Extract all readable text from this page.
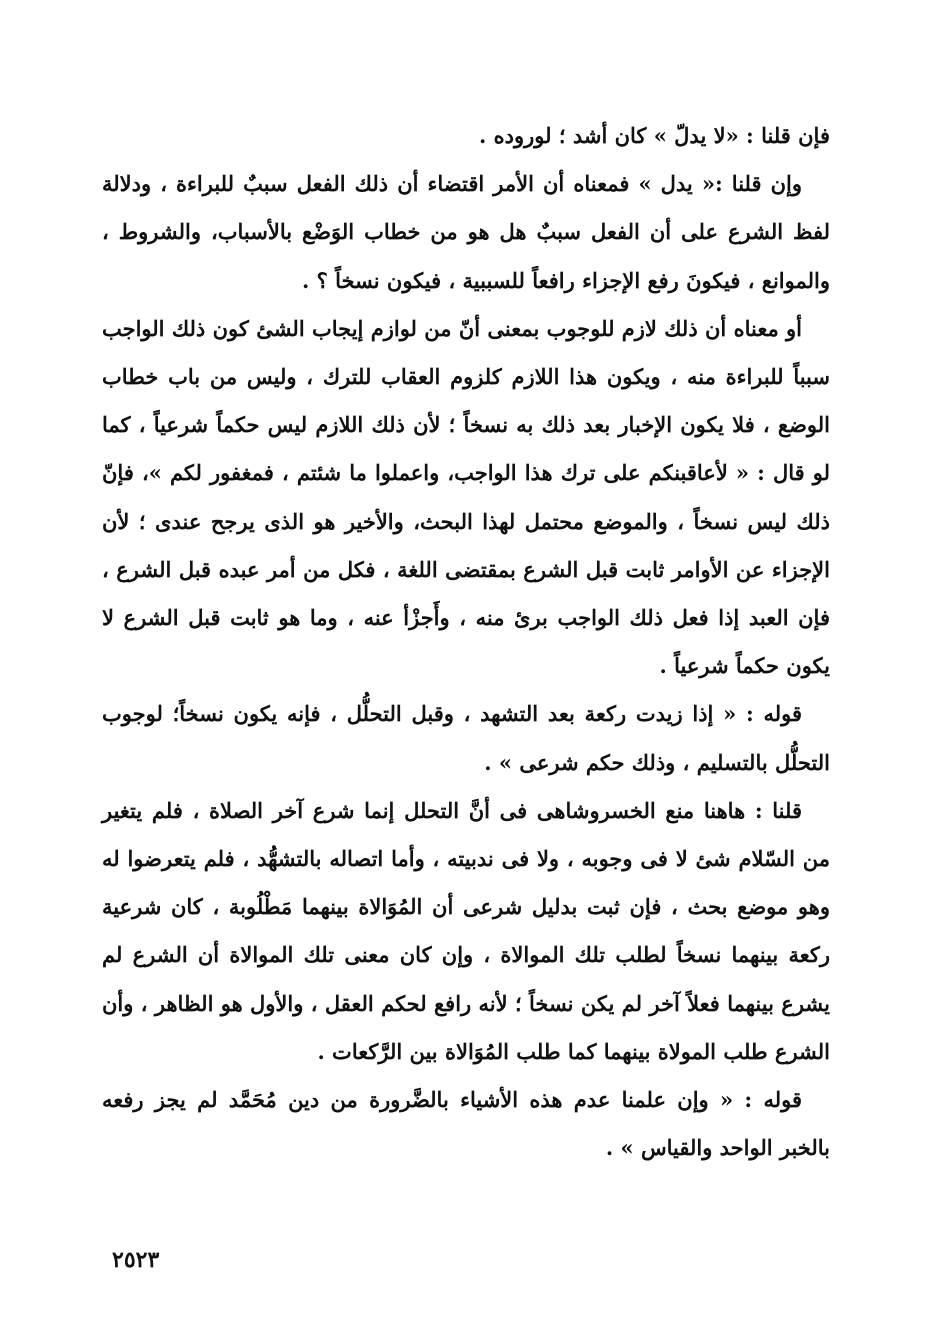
فإن قلنا : «لا يدلّ » كان أشد ؛ لوروده .

وإن قلنا :« يدل » فمعناه أن الأمر اقتضاء أن ذلك الفعل سببٌ للبراءة ، ودلالة لفظ الشرع على أن الفعل سببٌ هل هو من خطاب الوَضْع بالأسباب، والشروط ، والموانع ، فيكونَ رفع الإجزاء رافعاً للسببية ، فيكون نسخاً ؟ .

أو معناه أن ذلك لازم للوجوب بمعنى أنّ من لوازم إيجاب الشئ كون ذلك الواجب سبباً للبراءة منه ، ويكون هذا اللازم كلزوم العقاب للترك ، وليس من باب خطاب الوضع ، فلا يكون الإخبار بعد ذلك به نسخاً ؛ لأن ذلك اللازم ليس حكماً شرعياً ، كما لو قال : « لأعاقبنكم على ترك هذا الواجب، واعملوا ما شئتم ، فمغفور لكم »، فإنّ ذلك ليس نسخاً ، والموضع محتمل لهذا البحث، والأخير هو الذى يرجح عندى ؛ لأن الإجزاء عن الأوامر ثابت قبل الشرع بمقتضى اللغة ، فكل من أمر عبده قبل الشرع ، فإن العبد إذا فعل ذلك الواجب برئ منه ، وأَجزْأ عنه ، وما هو ثابت قبل الشرع لا يكون حكماً شرعياً .

قوله : « إذا زيدت ركعة بعد التشهد ، وقبل التحلُّل ، فإنه يكون نسخاً؛ لوجوب التحلُّل بالتسليم ، وذلك حكم شرعى » .

قلنا : هاهنا منع الخسروشاهى فى أنَّ التحلل إنما شرع آخر الصلاة ، فلم يتغير من السّلام شئ لا فى وجوبه ، ولا فى ندبيته ، وأما اتصاله بالتشهُّد ، فلم يتعرضوا له وهو موضع بحث ، فإن ثبت بدليل شرعى أن المُوَالاة بينهما مَطْلُوبة ، كان شرعية ركعة بينهما نسخاً لطلب تلك الموالاة ، وإن كان معنى تلك الموالاة أن الشرع لم يشرع بينهما فعلاً آخر لم يكن نسخاً ؛ لأنه رافع لحكم العقل ، والأول هو الظاهر ، وأن الشرع طلب المولاة بينهما كما طلب المُوَالاة بين الرَّكعات .

قوله : « وإن علمنا عدم هذه الأشياء بالضَّرورة من دين مُحَمَّد لم يجز رفعه بالخبر الواحد والقياس » .

٢٥٢٣
